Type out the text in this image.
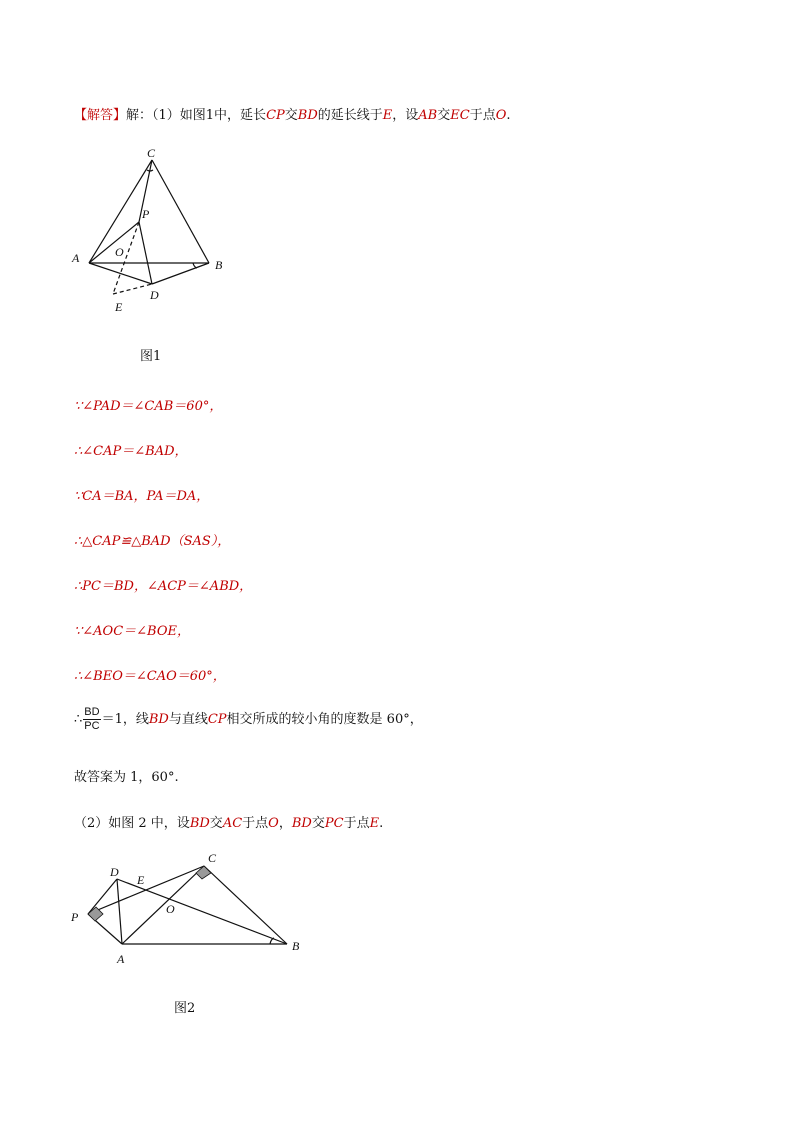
【解答】解：（1）如图1中，延长CP交BD的延长线于E，设AB交EC于点O.
C
P
O
A	B
D
E
图1
∵∠PAD＝∠CAB＝60°，
∴∠CAP＝∠BAD，
∵CA＝BA，PA＝DA，
∴△CAP≌△BAD（SAS），
∴PC＝BD，∠ACP＝∠ABD，
∵∠AOC＝∠BOE，
∴∠BEO＝∠CAO＝60°，
∴ $\frac{BD}{PC} =1$，线BD与直线CP相交所成的较小角的度数是 60°，
故答案为 1，60°.
（2）如图 2 中，设BD交AC于点O，BD交PC于点E.
D
E
C
P
O
A
B
图2
